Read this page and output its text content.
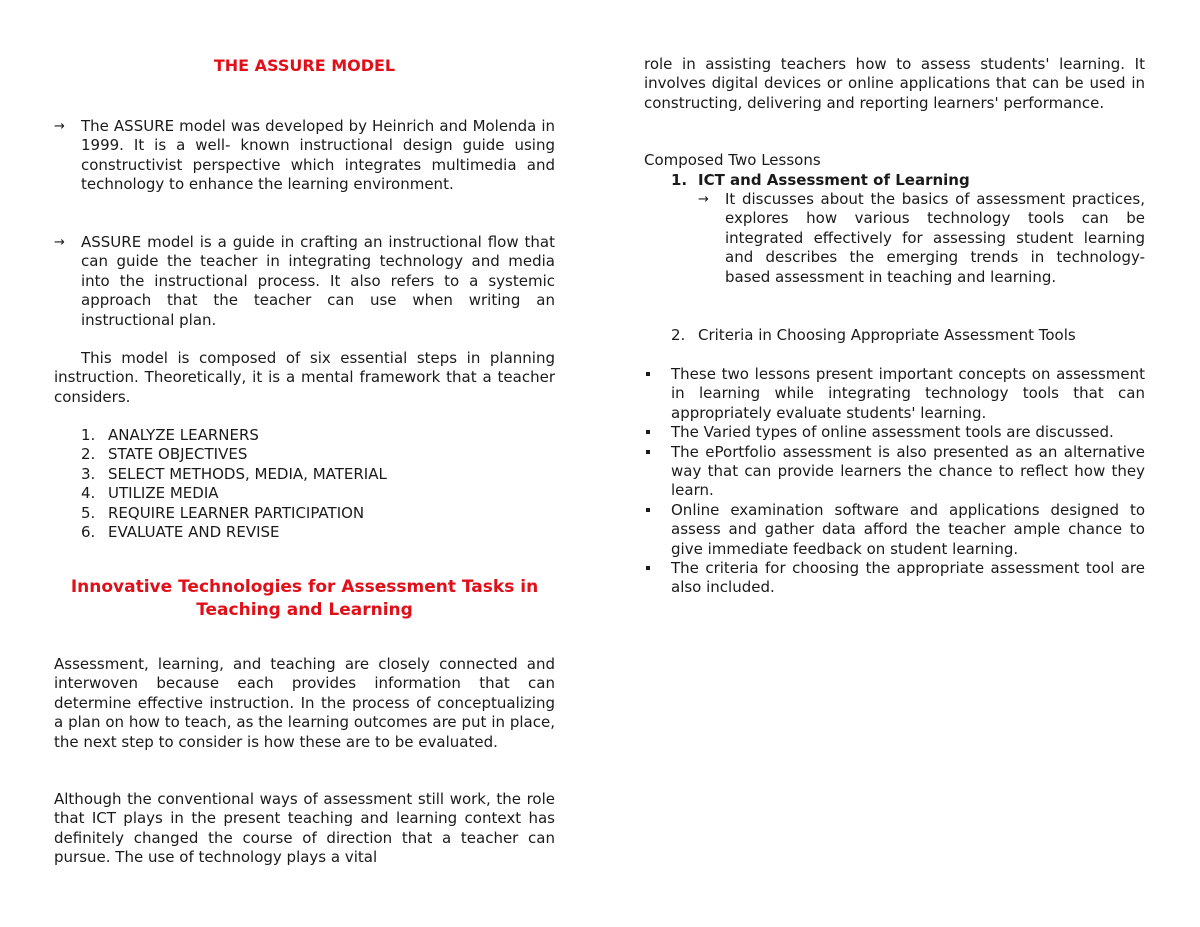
THE ASSURE MODEL
→	The ASSURE model was developed by Heinrich and Molenda in 1999. It is a well- known instructional design guide using constructivist perspective which integrates multimedia and technology to enhance the learning environment.

→	ASSURE model is a guide in crafting an instructional flow that can guide the teacher in integrating technology and media into the instructional process. It also refers to a systemic approach that the teacher can use when writing an instructional plan.

This model is composed of six essential steps in planning instruction. Theoretically, it is a mental framework that a teacher considers.

1. ANALYZE LEARNERS
2. STATE OBJECTIVES
3. SELECT METHODS, MEDIA, MATERIAL
4. UTILIZE MEDIA
5. REQUIRE LEARNER PARTICIPATION
6. EVALUATE AND REVISE
Innovative Technologies for Assessment Tasks in
Teaching and Learning

Assessment, learning, and teaching are closely connected and interwoven because each provides information that can determine effective instruction. In the process of conceptualizing a plan on how to teach, as the learning outcomes are put in place, the next step to consider is how these are to be evaluated.

Although the conventional ways of assessment still work, the role that ICT plays in the present teaching and learning context has definitely changed the course of direction that a teacher can pursue. The use of technology plays a vital

role in assisting teachers how to assess students' learning. It involves digital devices or online applications that can be used in constructing, delivering and reporting learners' performance.

Composed Two Lessons

1. ICT and Assessment of Learning
→ It discusses about the basics of assessment practices, explores how various technology tools can be integrated effectively for assessing student learning and describes the emerging trends in technology-based assessment in teaching and learning.

2. Criteria in Choosing Appropriate Assessment Tools
These two lessons present important concepts on assessment in learning while integrating technology tools that can appropriately evaluate students' learning.
The Varied types of online assessment tools are discussed.
The ePortfolio assessment is also presented as an alternative way that can provide learners the chance to reflect how they learn.
Online examination software and applications designed to assess and gather data afford the teacher ample chance to give immediate feedback on student learning.
The criteria for choosing the appropriate assessment tool are also included.
